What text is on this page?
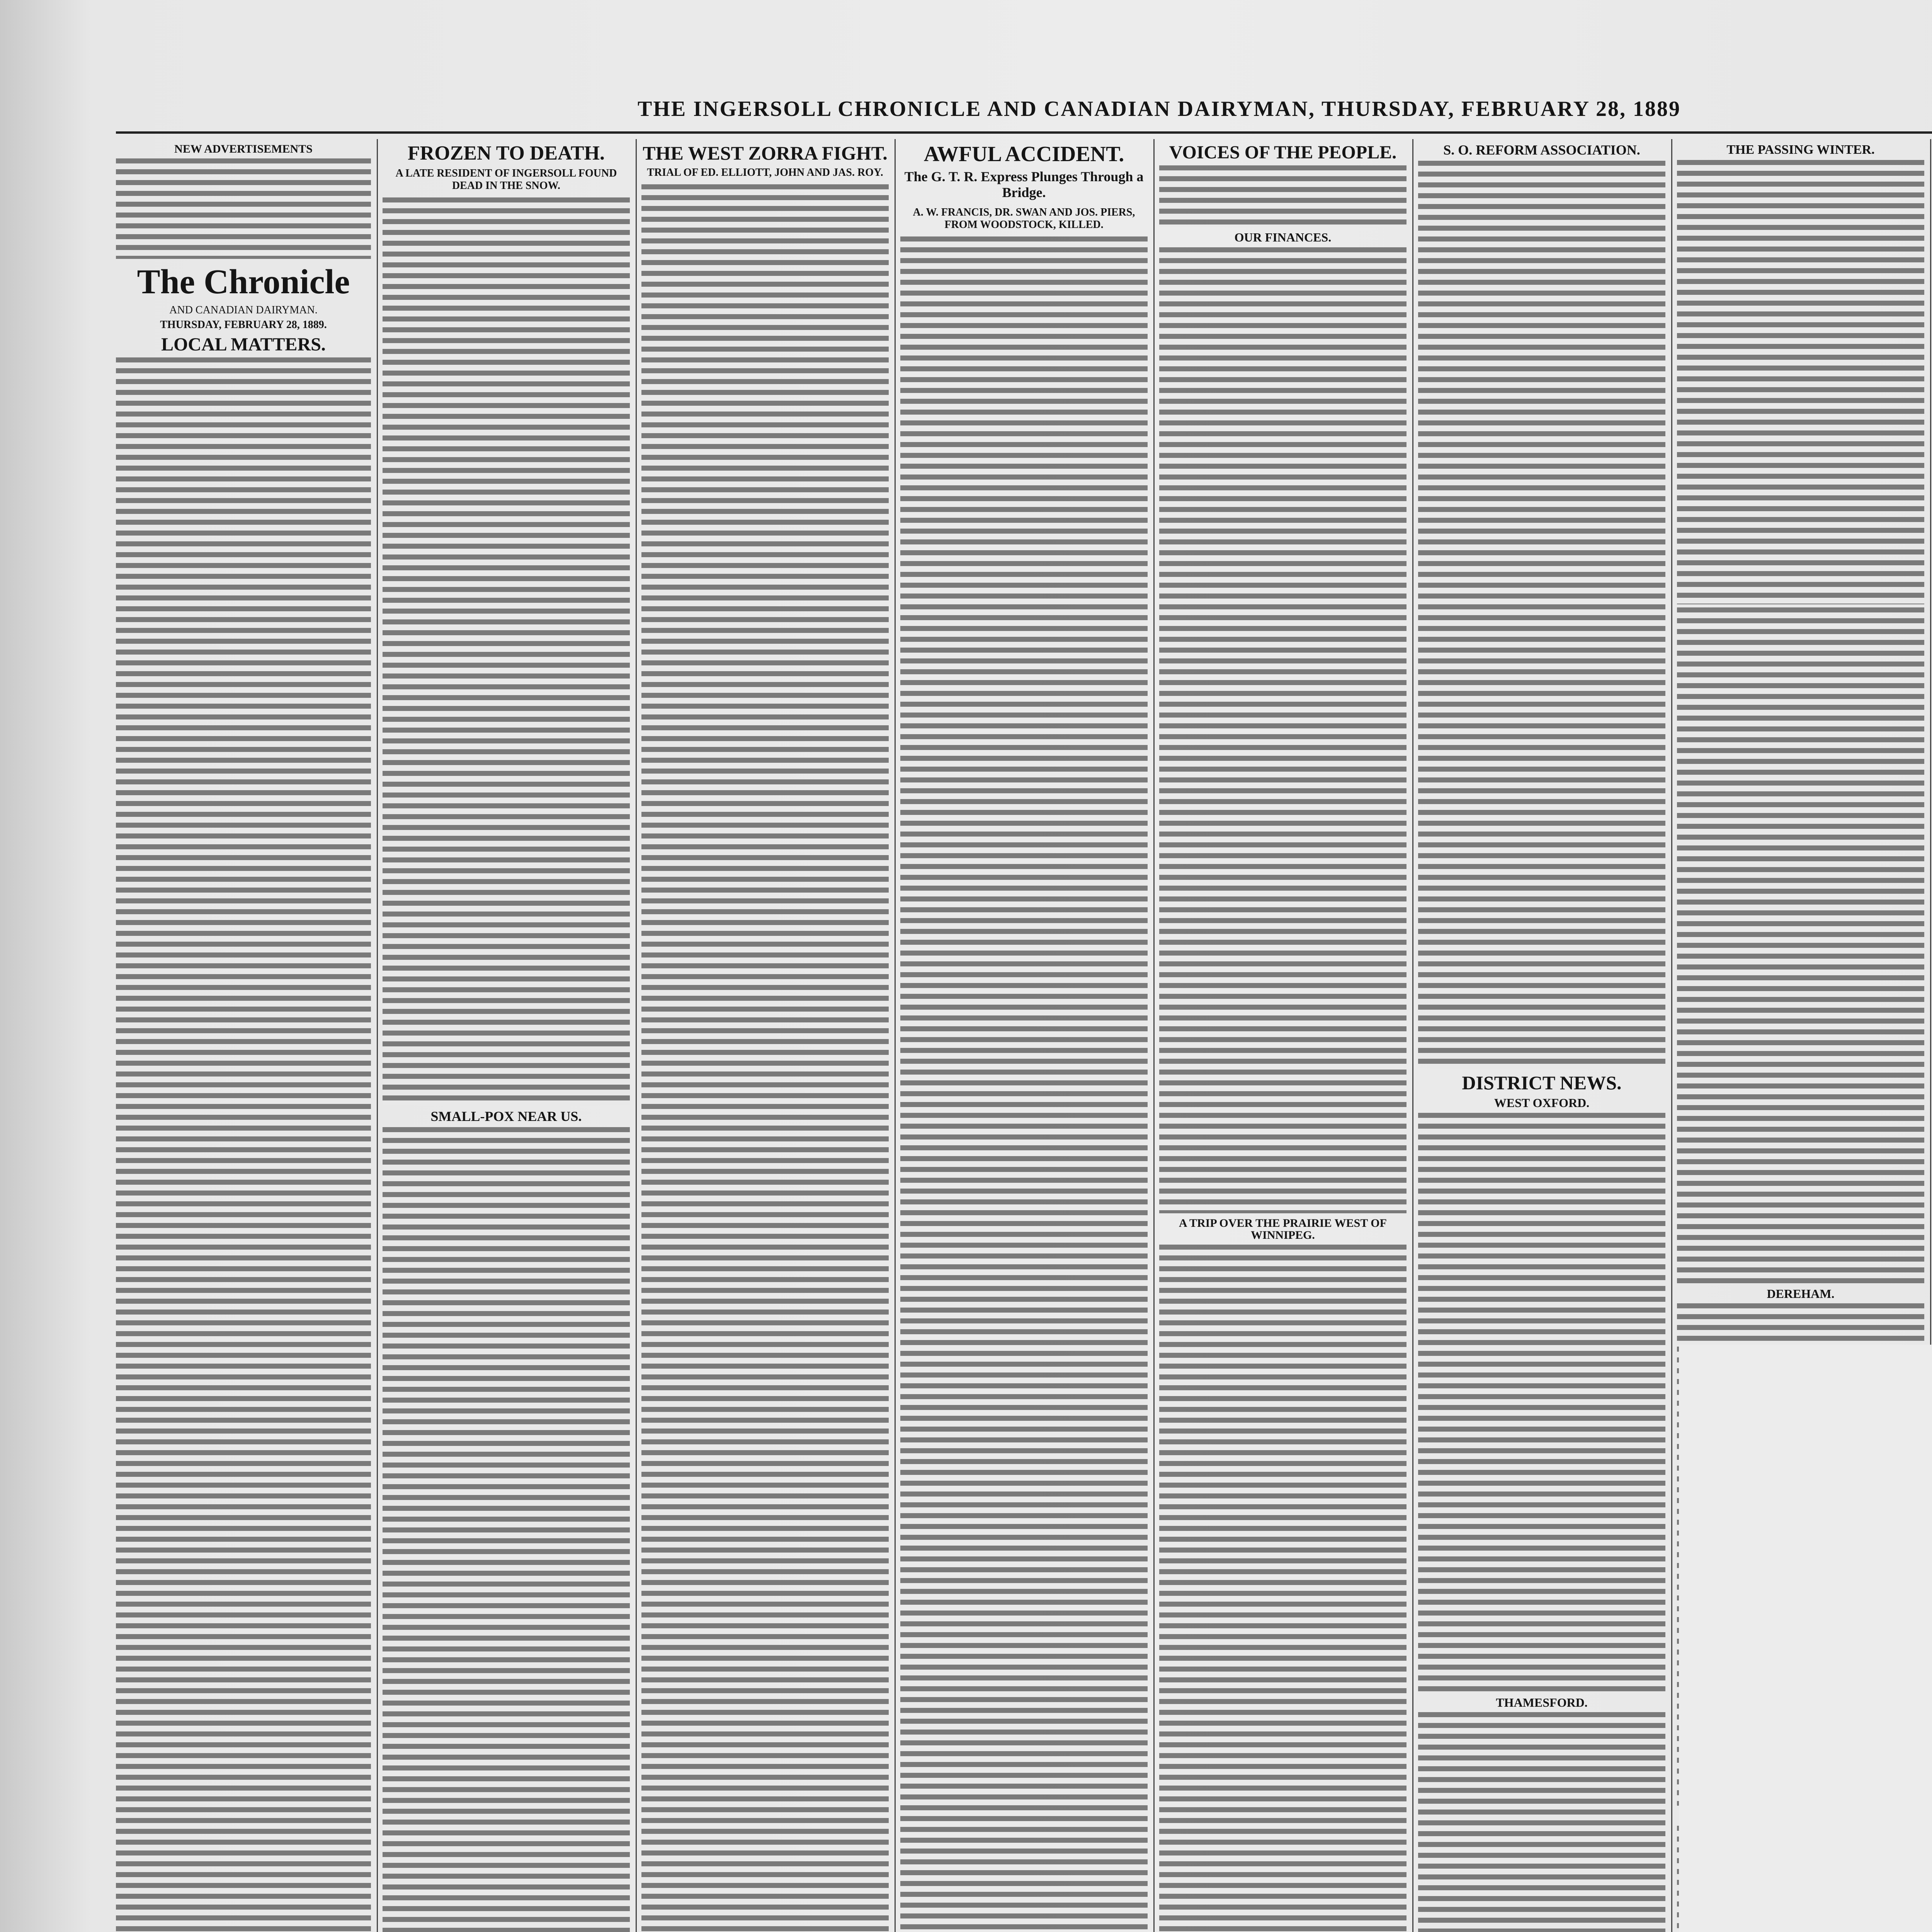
THE INGERSOLL CHRONICLE AND CANADIAN DAIRYMAN, THURSDAY, FEBRUARY 28, 1889
NEW ADVERTISEMENTS
The Chronicle
AND CANADIAN DAIRYMAN.
THURSDAY, FEBRUARY 28, 1889.
LOCAL MATTERS.
FROZEN TO DEATH.
A LATE RESIDENT OF INGERSOLL FOUND DEAD IN THE SNOW.
SMALL-POX NEAR US.
THE WEST ZORRA FIGHT.
TRIAL OF ED. ELLIOTT, JOHN AND JAS. ROY.
AWFUL ACCIDENT.
The G. T. R. Express Plunges Through a Bridge.
A. W. FRANCIS, DR. SWAN AND JOS. PIERS, FROM WOODSTOCK, KILLED.
VOICES OF THE PEOPLE.
OUR FINANCES.
A TRIP OVER THE PRAIRIE WEST OF WINNIPEG.
S. O. REFORM ASSOCIATION.
DISTRICT NEWS.
WEST OXFORD.
THAMESFORD.
THE PASSING WINTER.
DEREHAM.
